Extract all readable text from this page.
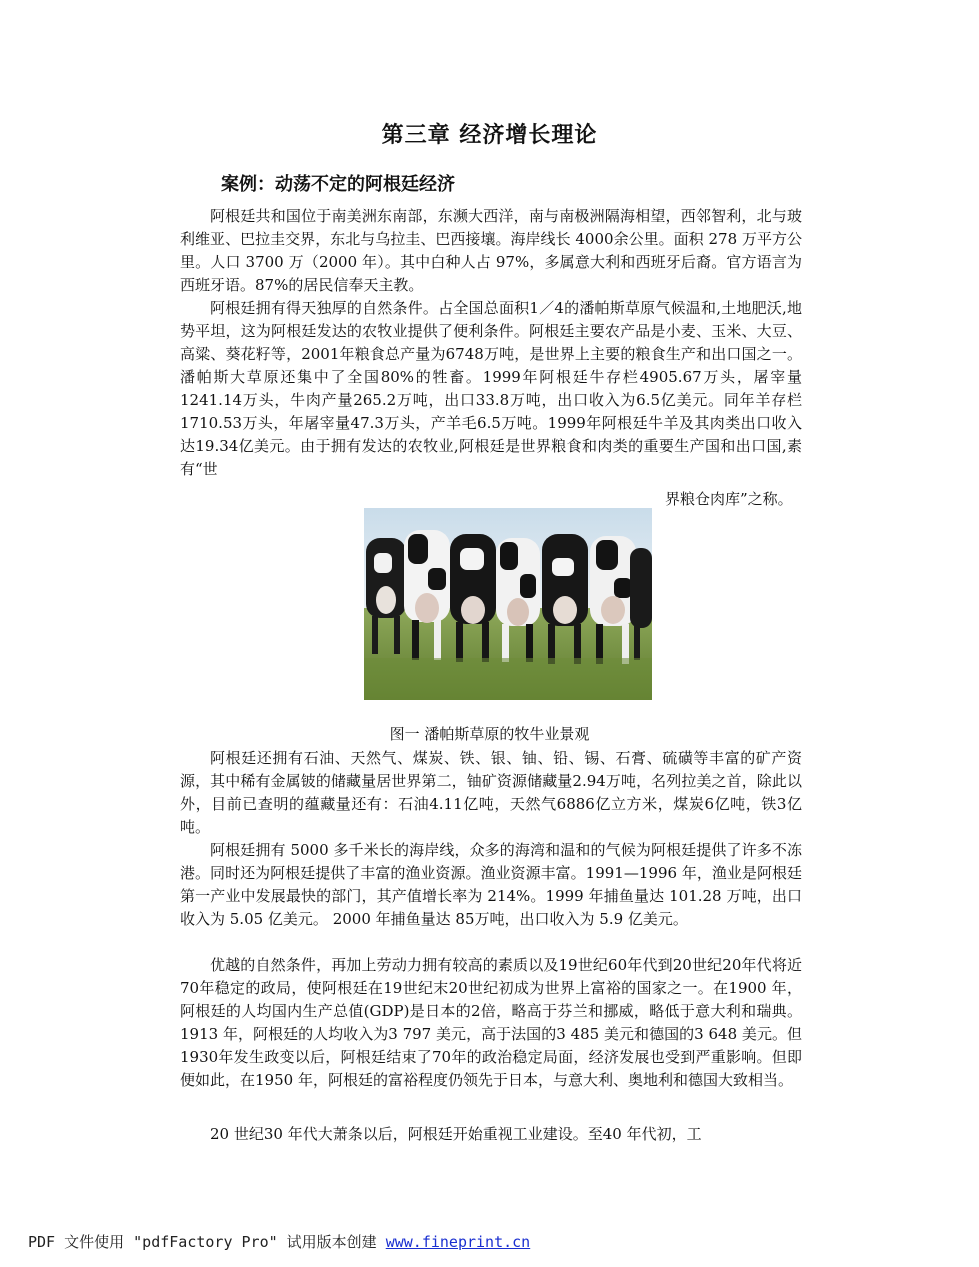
第三章 经济增长理论
案例：动荡不定的阿根廷经济

阿根廷共和国位于南美洲东南部，东濒大西洋，南与南极洲隔海相望，西邻智利，北与玻利维亚、巴拉圭交界，东北与乌拉圭、巴西接壤。海岸线长 4000余公里。面积 278 万平方公里。人口 3700 万（2000 年）。其中白种人占 97%，多属意大利和西班牙后裔。官方语言为西班牙语。87%的居民信奉天主教。

阿根廷拥有得天独厚的自然条件。占全国总面积1／4的潘帕斯草原气候温和,土地肥沃,地势平坦，这为阿根廷发达的农牧业提供了便利条件。阿根廷主要农产品是小麦、玉米、大豆、高粱、葵花籽等，2001年粮食总产量为6748万吨，是世界上主要的粮食生产和出口国之一。潘帕斯大草原还集中了全国80%的牲畜。1999年阿根廷牛存栏4905.67万头，屠宰量1241.14万头，牛肉产量265.2万吨，出口33.8万吨，出口收入为6.5亿美元。同年羊存栏1710.53万头，年屠宰量47.3万头，产羊毛6.5万吨。1999年阿根廷牛羊及其肉类出口收入达19.34亿美元。由于拥有发达的农牧业,阿根廷是世界粮食和肉类的重要生产国和出口国,素有“世

界粮仓肉库”之称。

图一 潘帕斯草原的牧牛业景观

阿根廷还拥有石油、天然气、煤炭、铁、银、铀、铅、锡、石膏、硫磺等丰富的矿产资源，其中稀有金属铍的储藏量居世界第二，铀矿资源储藏量2.94万吨，名列拉美之首，除此以外，目前已查明的蕴藏量还有：石油4.11亿吨，天然气6886亿立方米，煤炭6亿吨，铁3亿吨。

阿根廷拥有 5000 多千米长的海岸线，众多的海湾和温和的气候为阿根廷提供了许多不冻港。同时还为阿根廷提供了丰富的渔业资源。渔业资源丰富。1991—1996 年，渔业是阿根廷第一产业中发展最快的部门，其产值增长率为 214%。1999 年捕鱼量达 101.28 万吨，出口收入为 5.05 亿美元。 2000 年捕鱼量达 85万吨，出口收入为 5.9 亿美元。

优越的自然条件，再加上劳动力拥有较高的素质以及19世纪60年代到20世纪20年代将近70年稳定的政局，使阿根廷在19世纪末20世纪初成为世界上富裕的国家之一。在1900 年，阿根廷的人均国内生产总值(GDP)是日本的2倍，略高于芬兰和挪威，略低于意大利和瑞典。1913 年，阿根廷的人均收入为3 797 美元，高于法国的3 485 美元和德国的3 648 美元。但1930年发生政变以后，阿根廷结束了70年的政治稳定局面，经济发展也受到严重影响。但即便如此，在1950 年，阿根廷的富裕程度仍领先于日本，与意大利、奥地利和德国大致相当。

20 世纪30 年代大萧条以后，阿根廷开始重视工业建设。至40 年代初，工

PDF 文件使用 "pdfFactory Pro" 试用版本创建 www.fineprint.cn
